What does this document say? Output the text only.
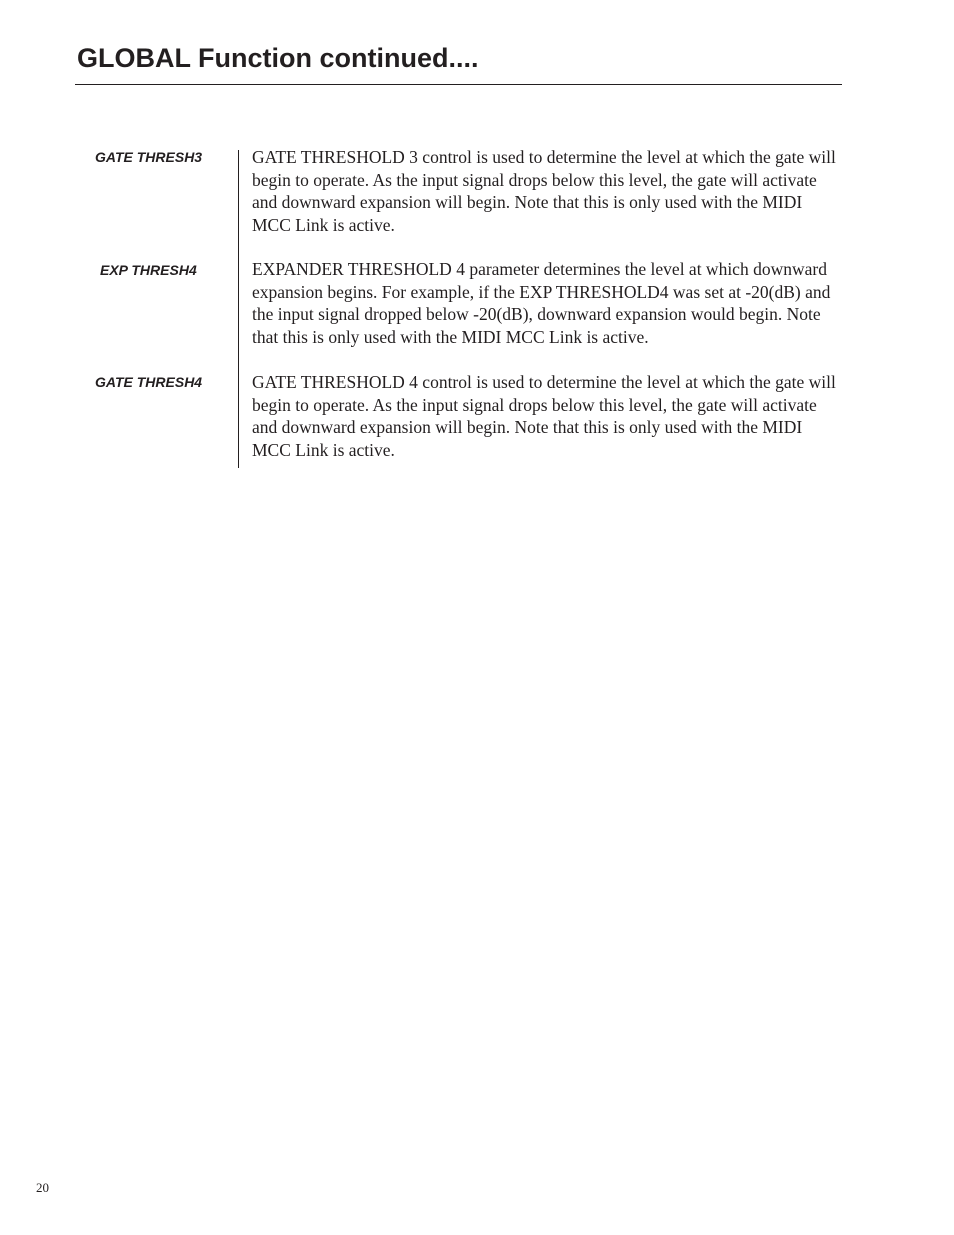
GLOBAL Function continued....
GATE THRESH3	GATE THRESHOLD 3 control is used to determine the level at which the gate will
begin to operate. As the input signal drops below this level, the gate will activate
and downward expansion will begin. Note that this is only used with the MIDI
MCC Link is active.

EXP THRESH4	EXPANDER THRESHOLD 4 parameter determines the level at which downward
expansion begins. For example, if the EXP THRESHOLD4 was set at -20(dB) and
the input signal dropped below -20(dB), downward expansion would begin. Note
that this is only used with the MIDI MCC Link is active.

GATE THRESH4	GATE THRESHOLD 4 control is used to determine the level at which the gate will
begin to operate. As the input signal drops below this level, the gate will activate
and downward expansion will begin. Note that this is only used with the MIDI
MCC Link is active.

20
